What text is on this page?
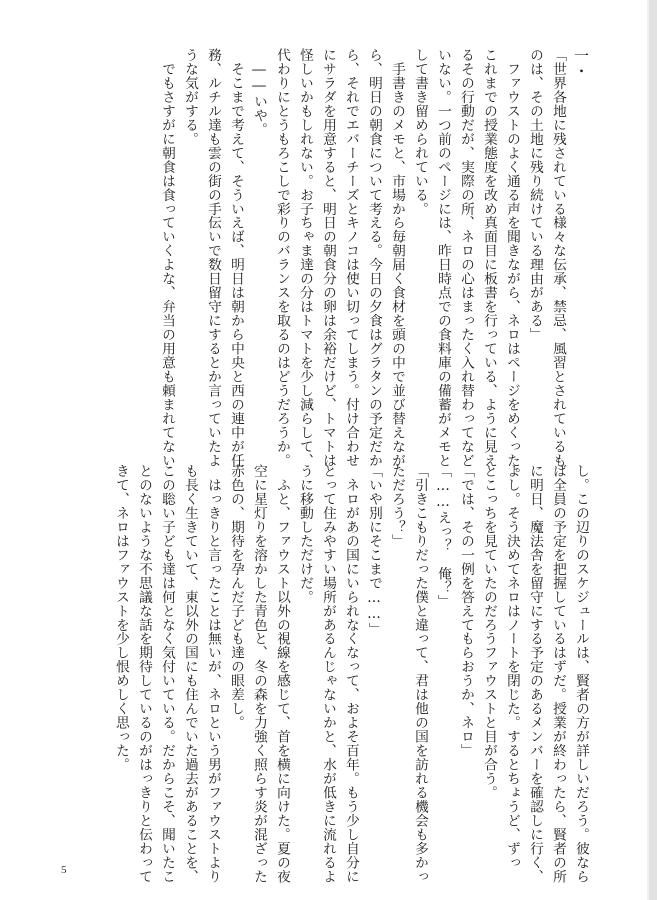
一・
「世界各地に残されている様々な伝承、禁忌、風習とされているも
のは、その土地に残り続けている理由がある」
　ファウストのよく通る声を聞きながら、ネロはページをめくった。
これまでの授業態度を改め真面目に板書を行っている、ように見え
るその行動だが、実際の所、ネロの心はまったく入れ替わってなど
いない。一つ前のページには、昨日時点での食料庫の備蓄がメモと
して書き留められている。
　手書きのメモと、市場から毎朝届く食材を頭の中で並び替えなが
ら、明日の朝食について考える。今日の夕食はグラタンの予定だか
ら、それでエバーチーズとキノコは使い切ってしまう。付け合わせ
にサラダを用意すると、明日の朝食分の卵は余裕だけど、トマトは
怪しいかもしれない。お子ちゃま達の分はトマトを少し減らして、
代わりにとうもろこしで彩りのバランスを取るのはどうだろうか。
　――いや。
　そこまで考えて、そういえば、明日は朝から中央と西の連中が任
務、ルチル達も雲の街の手伝いで数日留守にするとか言っていたよ
うな気がする。
　でもさすがに朝食は食っていくよな、弁当の用意も頼まれてない
し。この辺りのスケジュールは、賢者の方が詳しいだろう。彼なら
ば全員の予定を把握しているはずだ。授業が終わったら、賢者の所
に明日、魔法舎を留守にする予定のあるメンバーを確認しに行く、
よし。そう決めてネロはノートを閉じた。するとちょうど、ずっ
とこっちを見ていたのだろうファウストと目が合う。
「では、その一例を答えてもらおうか、ネロ」
「……えっ？　俺？」
「引きこもりだった僕と違って、君は他の国を訪れる機会も多かっ
ただろう？」
「いや別にそこまで……」
　ネロがあの国にいられなくなって、およそ百年。もう少し自分に
とって住みやすい場所があるんじゃないかと、水が低きに流れるよ
うに移動しただけだ。
　ふと、ファウスト以外の視線を感じて、首を横に向けた。夏の夜
空に星灯りを溶かした青色と、冬の森を力強く照らす炎が混ざった
赤色の、期待を孕んだ子ども達の眼差し。
　はっきりと言ったことは無いが、ネロという男がファウストより
も長く生きていて、東以外の国にも住んでいた過去があることを、
この聡い子ども達は何となく気付いている。だからこそ、聞いたこ
とのないような不思議な話を期待しているのがはっきりと伝わって
きて、ネロはファウストを少し恨めしく思った。
5
